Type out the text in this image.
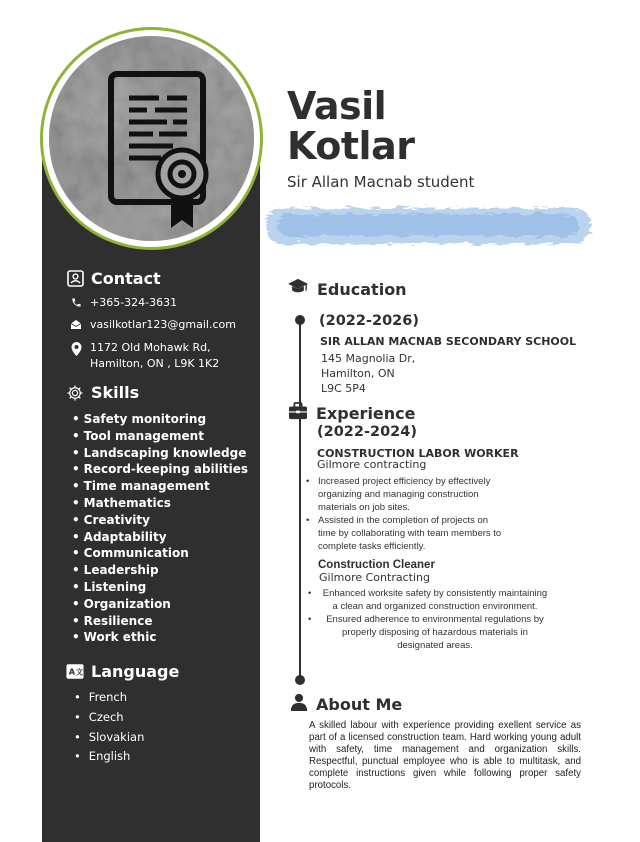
Vasil
Kotlar
Sir Allan Macnab student
Contact
+365-324-3631
vasilkotlar123@gmail.com
1172 Old Mohawk Rd,
Hamilton, ON , L9K 1K2
Skills
• Safety monitoring
• Tool management
• Landscaping knowledge
• Record-keeping abilities
• Time management
• Mathematics
• Creativity
• Adaptability
• Communication
• Leadership
• Listening
• Organization
• Resilience
• Work ethic
A 文 Language
• French
• Czech
• Slovakian
• English
Education
(2022-2026)
SIR ALLAN MACNAB SECONDARY SCHOOL
145 Magnolia Dr,
Hamilton, ON
L9C 5P4
Experience
(2022-2024)
CONSTRUCTION LABOR WORKER
Gilmore contracting
• Increased project efficiency by effectively organizing and managing construction materials on job sites.
• Assisted in the completion of projects on time by collaborating with team members to complete tasks efficiently.
Construction Cleaner
Gilmore Contracting
• Enhanced worksite safety by consistently maintaining a clean and organized construction environment.
• Ensured adherence to environmental regulations by properly disposing of hazardous materials in designated areas.
About Me
A skilled labour with experience providing exellent service as part of a licensed construction team. Hard working young adult with safety, time management and organization skills. Respectful, punctual employee who is able to multitask, and complete instructions given while following proper safety protocols.
